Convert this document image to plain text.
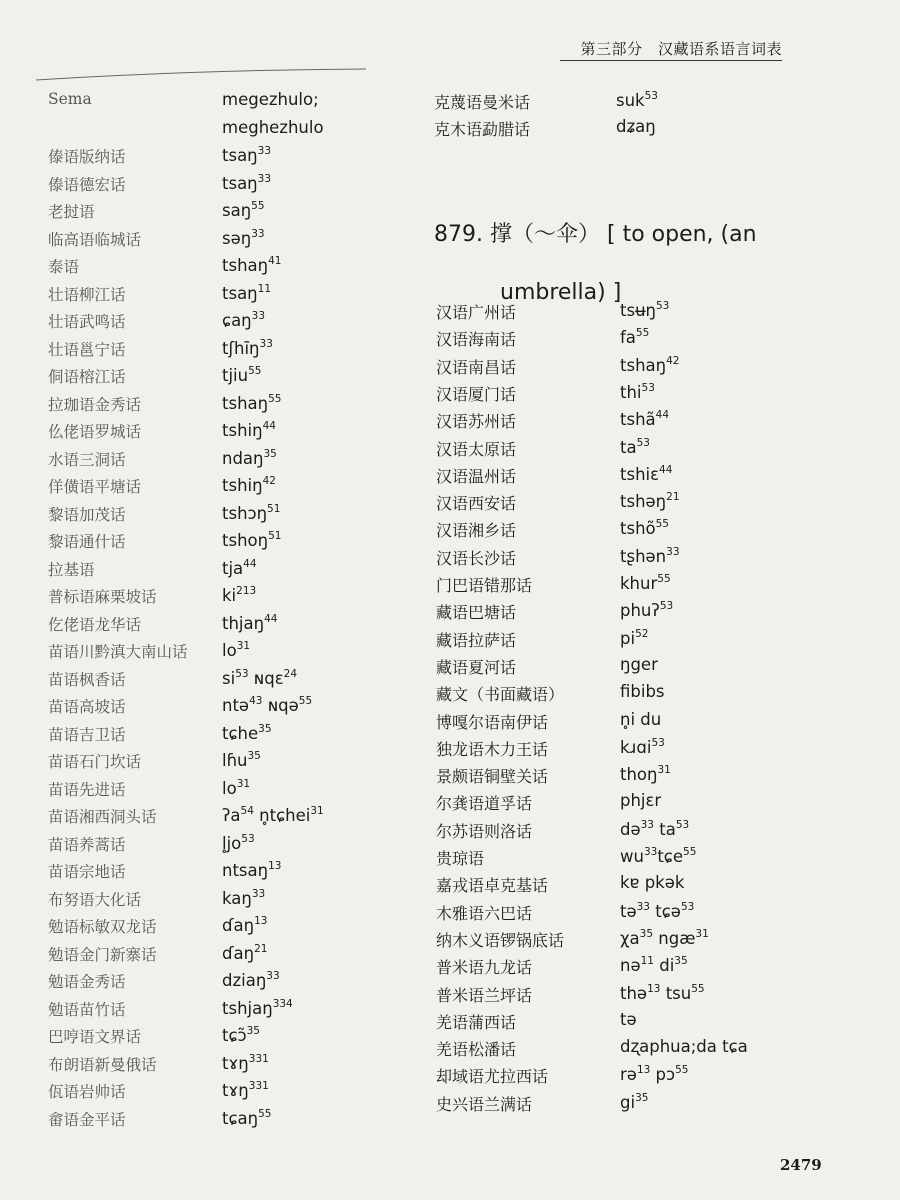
第三部分　汉藏语系语言词表
Sema	megezhulo;
meghezhulo
傣语版纳话	tsaŋ$^{33}$
傣语德宏话	tsaŋ$^{33}$
老挝语	saŋ$^{55}$
临高语临城话	səŋ$^{33}$
泰语	tshaŋ$^{41}$
壮语柳江话	tsaŋ$^{11}$
壮语武鸣话	ɕaŋ$^{33}$
壮语邕宁话	tʃhīŋ$^{33}$
侗语榕江话	tjiu$^{55}$
拉珈语金秀话	tshaŋ$^{55}$
仫佬语罗城话	tshiŋ$^{44}$
水语三洞话	ndaŋ$^{35}$
佯僙语平塘话	tshiŋ$^{42}$
黎语加茂话	tshɔŋ$^{51}$
黎语通什话	tshoŋ$^{51}$
拉基语	tja$^{44}$
普标语麻栗坡话	$ki^{213}$
仡佬语龙华话	thjaŋ$^{44}$
苗语川黔滇大南山话 $lo^{31}$
苗语枫香话	$si^{53}$ ɴqɛ$^{24}$
苗语高坡话	ntə$^{43}$ ɴqə$^{55}$
苗语吉卫话	tɕhe$^{35}$
苗语石门坎话	lɦu$^{35}$
苗语先进话	$lo^{31}$
苗语湘西洞头话	ʔa$^{54}$ n̥tɕhei$^{31}$
苗语养蒿话	$l̥jo^{53}$
苗语宗地话	ntsaŋ$^{13}$
布努语大化话	kaŋ$^{33}$
勉语标敏双龙话	ɗaŋ$^{13}$
勉语金门新寨话	ɗaŋ$^{21}$
勉语金秀话	dziaŋ$^{33}$
勉语苗竹话	tshjaŋ$^{334}$
巴哼语文界话	tɕɔ̃$^{35}$
布朗语新曼俄话	tɤŋ$^{331}$
佤语岩帅话	tɤŋ$^{331}$
畲语金平话	tɕaŋ$^{55}$
克蔑语曼米话	suk$^{53}$
克木语勐腊话	dʑaŋ
879. 撑（～伞） [ to open, (an
umbrella) ]
汉语广州话	tsʉŋ$^{53}$
汉语海南话	$fa^{55}$
汉语南昌话	tshaŋ$^{42}$
汉语厦门话	thi$^{53}$
汉语苏州话	tshã$^{44}$
汉语太原话	$ta^{53}$
汉语温州话	tshiɛ$^{44}$
汉语西安话	tshəŋ$^{21}$
汉语湘乡话	tshõ$^{55}$
汉语长沙话	tʂhən$^{33}$
门巴语错那话	khur$^{55}$
藏语巴塘话	phuʔ$^{53}$
藏语拉萨话	$pi^{52}$
藏语夏河话	ŋger
藏文（书面藏语）	fibibs
博嘎尔语南伊话	n̥i du
独龙语木力王话	kɹɑi$^{53}$
景颇语铜壁关话	thoŋ$^{31}$
尔龚语道孚话	phjɛr
尔苏语则洛话	də$^{33}$ $ta^{53}$
贵琼语	$wu^{33}tɕe^{55}$
嘉戎语卓克基话	kɐ pkək
木雅语六巴话	tə$^{33}$ tɕə$^{53}$
纳木义语锣锅底话	$\chi a^{35}$ ngæ$^{31}$
普米语九龙话	nə$^{11}$ $di^{35}$
普米语兰坪话	thə$^{13}$ tsu$^{55}$
羌语蒲西话	tə
羌语松潘话	dʐaphua;da tɕa
却域语尤拉西话	rə$^{13}$ pɔ$^{55}$
史兴语兰满话	$gi^{35}$
2479
